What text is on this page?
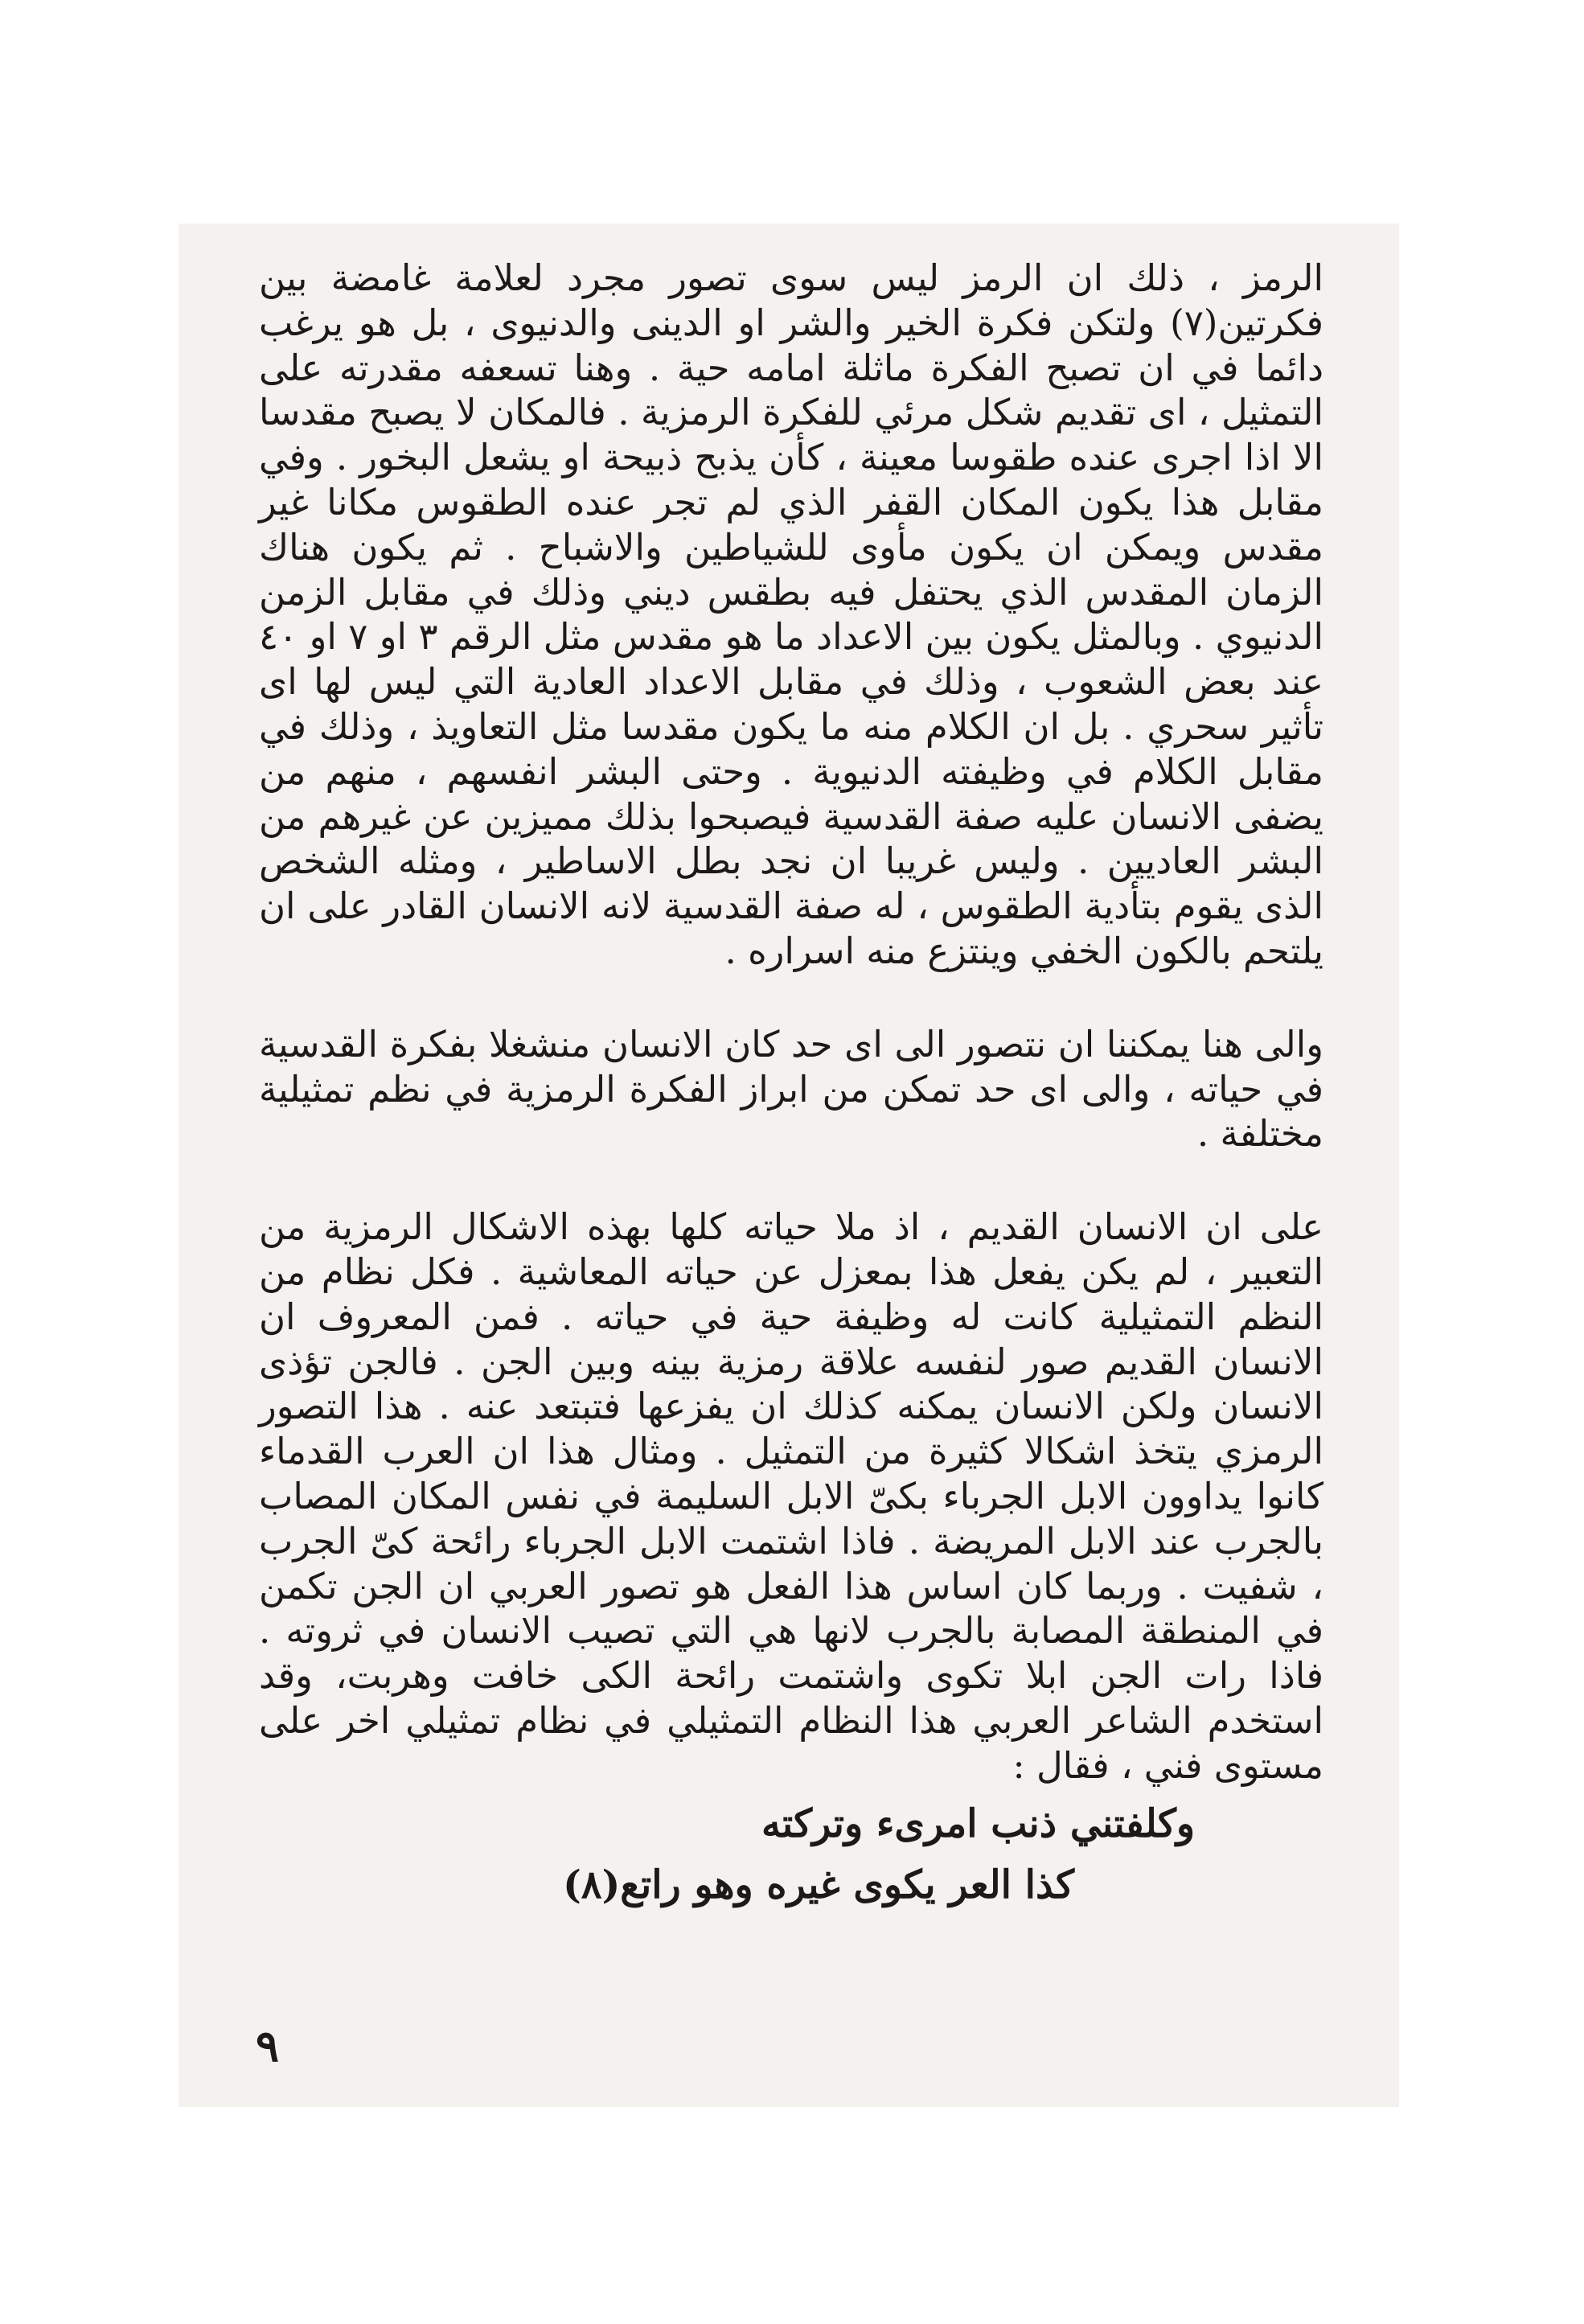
الرمز ، ذلك ان الرمز ليس سوى تصور مجرد لعلامة غامضة بين فكرتين(٧) ولتكن فكرة الخير والشر او الدينى والدنيوى ، بل هو يرغب دائما في ان تصبح الفكرة ماثلة امامه حية . وهنا تسعفه مقدرته على التمثيل ، اى تقديم شكل مرئي للفكرة الرمزية . فالمكان لا يصبح مقدسا الا اذا اجرى عنده طقوسا معينة ، كأن يذبح ذبيحة او يشعل البخور . وفي مقابل هذا يكون المكان القفر الذي لم تجر عنده الطقوس مكانا غير مقدس ويمكن ان يكون مأوى للشياطين والاشباح . ثم يكون هناك الزمان المقدس الذي يحتفل فيه بطقس ديني وذلك في مقابل الزمن الدنيوي . وبالمثل يكون بين الاعداد ما هو مقدس مثل الرقم ٣ او ٧ او ٤٠ عند بعض الشعوب ، وذلك في مقابل الاعداد العادية التي ليس لها اى تأثير سحري . بل ان الكلام منه ما يكون مقدسا مثل التعاويذ ، وذلك في مقابل الكلام في وظيفته الدنيوية . وحتى البشر انفسهم ، منهم من يضفى الانسان عليه صفة القدسية فيصبحوا بذلك مميزين عن غيرهم من البشر العاديين . وليس غريبا ان نجد بطل الاساطير ، ومثله الشخص الذى يقوم بتأدية الطقوس ، له صفة القدسية لانه الانسان القادر على ان يلتحم بالكون الخفي وينتزع منه اسراره .

والى هنا يمكننا ان نتصور الى اى حد كان الانسان منشغلا بفكرة القدسية في حياته ، والى اى حد تمكن من ابراز الفكرة الرمزية في نظم تمثيلية مختلفة .

على ان الانسان القديم ، اذ ملا حياته كلها بهذه الاشكال الرمزية من التعبير ، لم يكن يفعل هذا بمعزل عن حياته المعاشية . فكل نظام من النظم التمثيلية كانت له وظيفة حية في حياته . فمن المعروف ان الانسان القديم صور لنفسه علاقة رمزية بينه وبين الجن . فالجن تؤذى الانسان ولكن الانسان يمكنه كذلك ان يفزعها فتبتعد عنه . هذا التصور الرمزي يتخذ اشكالا كثيرة من التمثيل . ومثال هذا ان العرب القدماء كانوا يداوون الابل الجرباء بكىّ الابل السليمة في نفس المكان المصاب بالجرب عند الابل المريضة . فاذا اشتمت الابل الجرباء رائحة كىّ الجرب ، شفيت . وربما كان اساس هذا الفعل هو تصور العربي ان الجن تكمن في المنطقة المصابة بالجرب لانها هي التي تصيب الانسان في ثروته . فاذا رات الجن ابلا تكوى واشتمت رائحة الكى خافت وهربت، وقد استخدم الشاعر العربي هذا النظام التمثيلي في نظام تمثيلي اخر على مستوى فني ، فقال :

وكلفتني ذنب امرىء وتركته

كذا العر يكوى غيره وهو راتع(٨)

٩
